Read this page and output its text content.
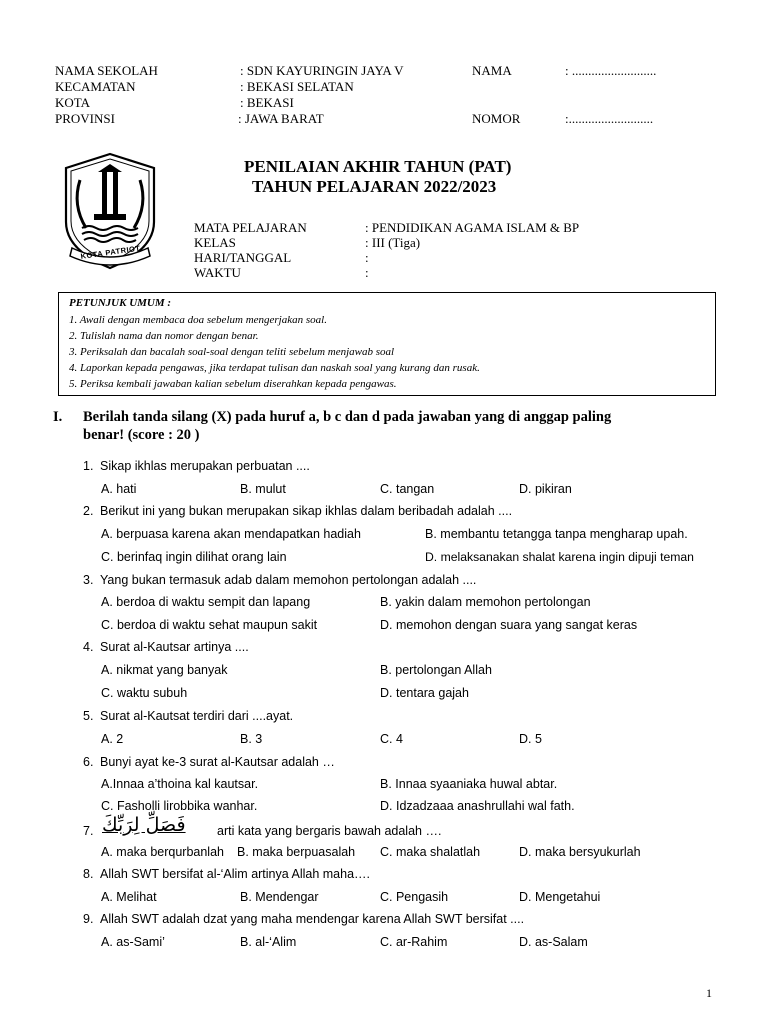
NAMA SEKOLAH	: SDN KAYURINGIN JAYA V	NAMA	: ..........................
KECAMATAN	: BEKASI SELATAN
KOTA	: BEKASI
PROVINSI	: JAWA BARAT	NOMOR	:..........................
KOTA PATRIOT
PENILAIAN AKHIR TAHUN (PAT)
TAHUN PELAJARAN 2022/2023
MATA PELAJARAN	: PENDIDIKAN AGAMA ISLAM & BP
KELAS	: III (Tiga)
HARI/TANGGAL	:
WAKTU	:
PETUNJUK UMUM :
1. Awali dengan membaca doa sebelum mengerjakan soal.
2. Tulislah nama dan nomor dengan benar.
3. Periksalah dan bacalah soal-soal dengan teliti sebelum menjawab soal
4. Laporkan kepada pengawas, jika terdapat tulisan dan naskah soal yang kurang dan rusak.
5. Periksa kembali jawaban kalian sebelum diserahkan kepada pengawas.
I. Berilah tanda silang (X) pada huruf a, b c dan d pada jawaban yang di anggap paling
benar! (score : 20 )
1. Sikap ikhlas merupakan perbuatan ....
A. hati	B. mulut	C. tangan	D. pikiran
2. Berikut ini yang bukan merupakan sikap ikhlas dalam beribadah adalah ....
A. berpuasa karena akan mendapatkan hadiah	B. membantu tetangga tanpa mengharap upah.
C. berinfaq ingin dilihat orang lain	D. melaksanakan shalat karena ingin dipuji teman
3. Yang bukan termasuk adab dalam memohon pertolongan adalah ....
A. berdoa di waktu sempit dan lapang	B. yakin dalam memohon pertolongan
C. berdoa di waktu sehat maupun sakit	D. memohon dengan suara yang sangat keras
4. Surat al-Kautsar artinya ....
A. nikmat yang banyak	B. pertolongan Allah
C. waktu subuh	D. tentara gajah
5. Surat al-Kautsat terdiri dari ....ayat.
A. 2	B. 3	C. 4	D. 5
6. Bunyi ayat ke-3 surat al-Kautsar adalah …
A.Innaa a’thoina kal kautsar.	B. Innaa syaaniaka huwal abtar.
C. Fasholli lirobbika wanhar.	D. Idzadzaaa anashrullahi wal fath.
7. فَصَلِّ لِرَبِّكَ	arti kata yang bergaris bawah adalah ….
A. maka berqurbanlah B. maka berpuasalah C. maka shalatlah	D. maka bersyukurlah
8. Allah SWT bersifat al-‘Alim artinya Allah maha….
A. Melihat	B. Mendengar	C. Pengasih	D. Mengetahui
9. Allah SWT adalah dzat yang maha mendengar karena Allah SWT bersifat ....
A. as-Sami’	B. al-‘Alim	C. ar-Rahim	D. as-Salam
1
